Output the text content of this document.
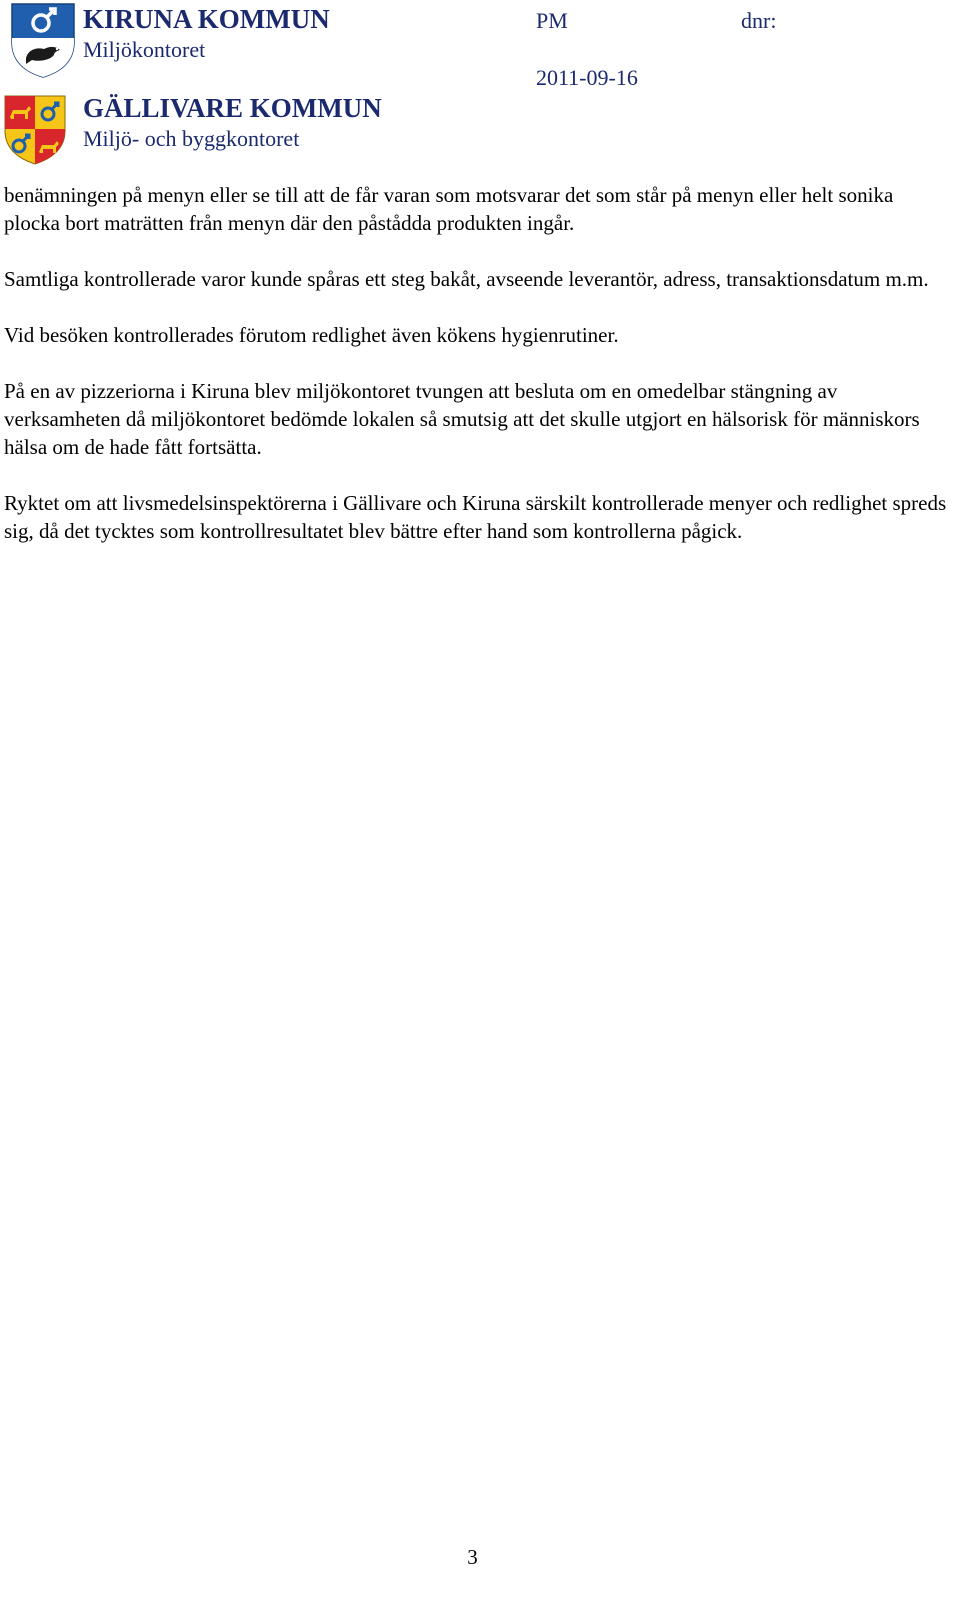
KIRUNA KOMMUN
Miljökontoret
GÄLLIVARE KOMMUN
Miljö- och byggkontoret
PM	dnr:
2011-09-16

benämningen på menyn eller se till att de får varan som motsvarar det som står på menyn eller helt sonika plocka bort maträtten från menyn där den påstådda produkten ingår.

Samtliga kontrollerade varor kunde spåras ett steg bakåt, avseende leverantör, adress, transaktionsdatum m.m.

Vid besöken kontrollerades förutom redlighet även kökens hygienrutiner.

På en av pizzeriorna i Kiruna blev miljökontoret tvungen att besluta om en omedelbar stängning av verksamheten då miljökontoret bedömde lokalen så smutsig att det skulle utgjort en hälsorisk för människors hälsa om de hade fått fortsätta.

Ryktet om att livsmedelsinspektörerna i Gällivare och Kiruna särskilt kontrollerade menyer och redlighet spreds sig, då det tycktes som kontrollresultatet blev bättre efter hand som kontrollerna pågick.

3
